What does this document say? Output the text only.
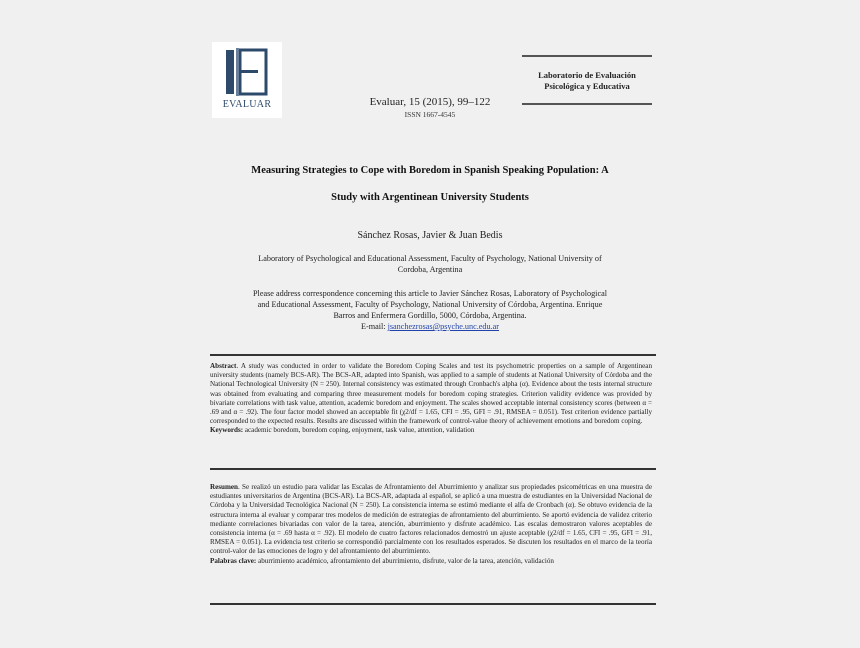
EVALUAR	Evaluar, 15 (2015), 99–122
ISSN 1667-4545
Laboratorio de Evaluación
Psicológica y Educativa
Measuring Strategies to Cope with Boredom in Spanish Speaking Population: A
Study with Argentinean University Students
Sánchez Rosas, Javier & Juan Bedis
Laboratory of Psychological and Educational Assessment, Faculty of Psychology, National University of
Cordoba, Argentina
Please address correspondence concerning this article to Javier Sánchez Rosas, Laboratory of Psychological
and Educational Assessment, Faculty of Psychology, National University of Córdoba, Argentina. Enrique
Barros and Enfermera Gordillo, 5000, Córdoba, Argentina.
E-mail: jsanchezrosas@psyche.unc.edu.ar
Abstract. A study was conducted in order to validate the Boredom Coping Scales and test its psychometric properties on a sample of Argentinean university students (namely BCS-AR). The BCS-AR, adapted into Spanish, was applied to a sample of students at National University of Córdoba and the National Technological University (N = 250). Internal consistency was estimated through Cronbach's alpha (α). Evidence about the tests internal structure was obtained from evaluating and comparing three measurement models for boredom coping strategies. Criterion validity evidence was provided by bivariate correlations with task value, attention, academic boredom and enjoyment. The scales showed acceptable internal consistency scores (between α = .69 and α = .92). The four factor model showed an acceptable fit (χ2/df = 1.65, CFI = .95, GFI = .91, RMSEA = 0.051). Test criterion evidence partially corresponded to the expected results. Results are discussed within the framework of control-value theory of achievement emotions and boredom coping.
Keywords: academic boredom, boredom coping, enjoyment, task value, attention, validation
Resumen. Se realizó un estudio para validar las Escalas de Afrontamiento del Aburrimiento y analizar sus propiedades psicométricas en una muestra de estudiantes universitarios de Argentina (BCS-AR). La BCS-AR, adaptada al español, se aplicó a una muestra de estudiantes en la Universidad Nacional de Córdoba y la Universidad Tecnológica Nacional (N = 250). La consistencia interna se estimó mediante el alfa de Cronbach (α). Se obtuvo evidencia de la estructura interna al evaluar y comparar tres modelos de medición de estrategias de afrontamiento del aburrimiento. Se aportó evidencia de validez criterio mediante correlaciones bivariadas con valor de la tarea, atención, aburrimiento y disfrute académico. Las escalas demostraron valores aceptables de consistencia interna (α = .69 hasta α = .92). El modelo de cuatro factores relacionados demostró un ajuste aceptable (χ2/df = 1.65, CFI = .95, GFI = .91, RMSEA = 0.051). La evidencia test criterio se correspondió parcialmente con los resultados esperados. Se discuten los resultados en el marco de la teoría control-valor de las emociones de logro y del afrontamiento del aburrimiento.
Palabras clave: aburrimiento académico, afrontamiento del aburrimiento, disfrute, valor de la tarea, atención, validación
